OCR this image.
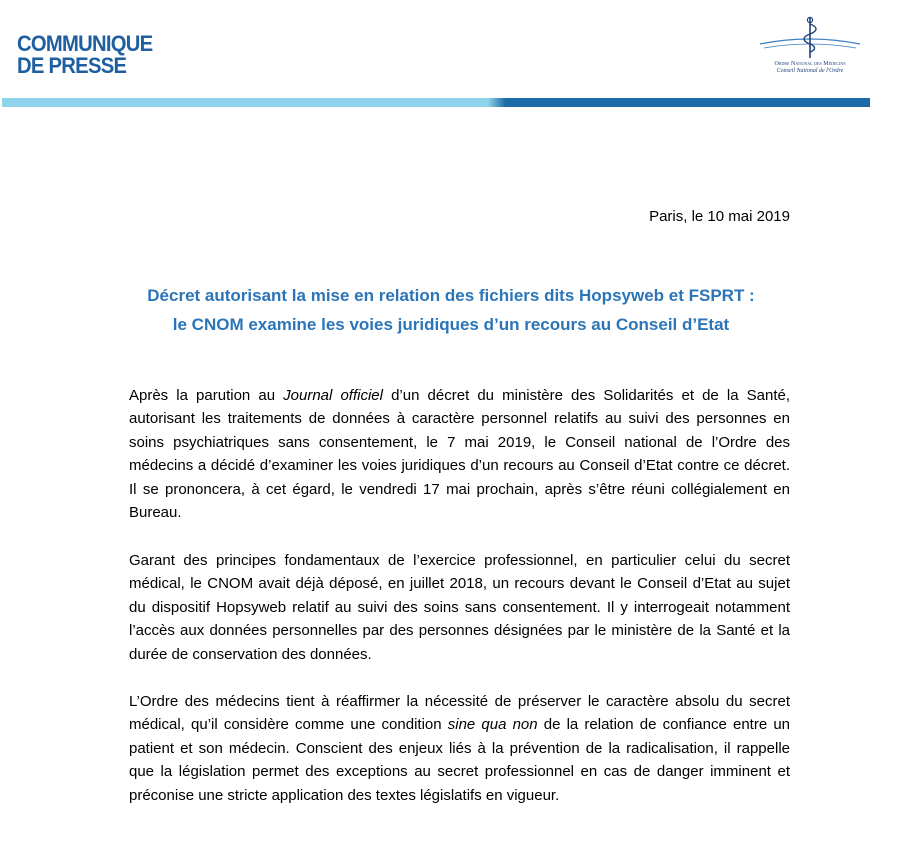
COMMUNIQUE
DE PRESSE	Ordre National des Médecins
Conseil National de l'Ordre
Paris, le 10 mai 2019
Décret autorisant la mise en relation des fichiers dits Hopsyweb et FSPRT :
le CNOM examine les voies juridiques d’un recours au Conseil d’Etat

Après la parution au Journal officiel d’un décret du ministère des Solidarités et de la Santé, autorisant les traitements de données à caractère personnel relatifs au suivi des personnes en soins psychiatriques sans consentement, le 7 mai 2019, le Conseil national de l’Ordre des médecins a décidé d’examiner les voies juridiques d’un recours au Conseil d’Etat contre ce décret. Il se prononcera, à cet égard, le vendredi 17 mai prochain, après s’être réuni collégialement en Bureau.

Garant des principes fondamentaux de l’exercice professionnel, en particulier celui du secret médical, le CNOM avait déjà déposé, en juillet 2018, un recours devant le Conseil d’Etat au sujet du dispositif Hopsyweb relatif au suivi des soins sans consentement. Il y interrogeait notamment l’accès aux données personnelles par des personnes désignées par le ministère de la Santé et la durée de conservation des données.

L’Ordre des médecins tient à réaffirmer la nécessité de préserver le caractère absolu du secret médical, qu’il considère comme une condition sine qua non de la relation de confiance entre un patient et son médecin. Conscient des enjeux liés à la prévention de la radicalisation, il rappelle que la législation permet des exceptions au secret professionnel en cas de danger imminent et préconise une stricte application des textes législatifs en vigueur.
